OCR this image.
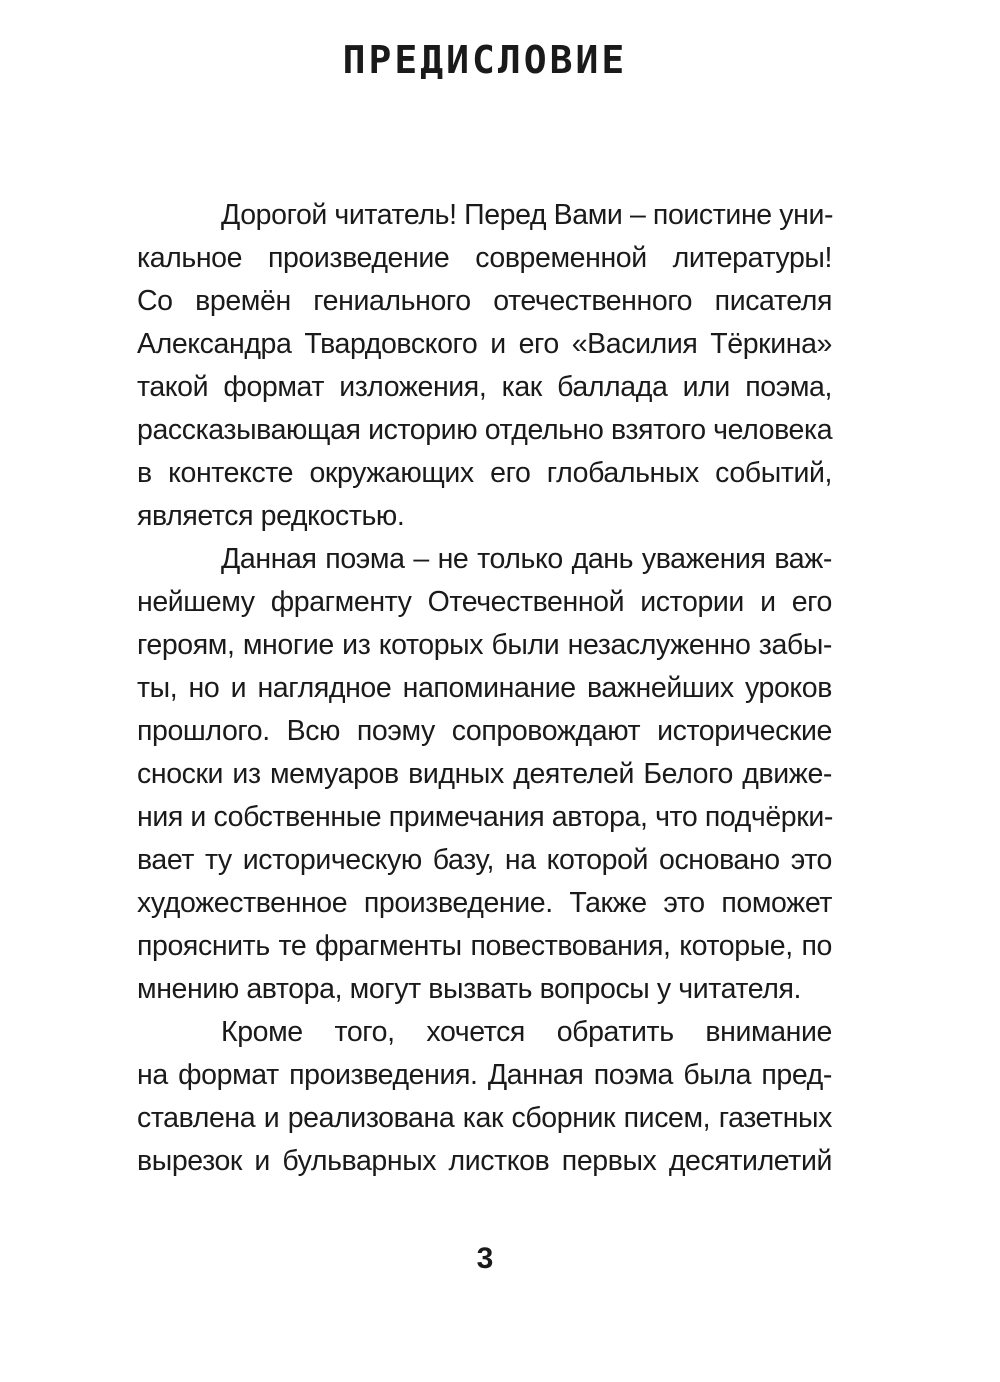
ПРЕДИСЛОВИЕ
Дорогой читатель! Перед Вами – поистине уни-
кальное произведение современной литературы!
Со времён гениального отечественного писателя
Александра Твардовского и его «Василия Тёркина»
такой формат изложения, как баллада или поэма,
рассказывающая историю отдельно взятого человека
в контексте окружающих его глобальных событий,
является редкостью.
Данная поэма – не только дань уважения важ-
нейшему фрагменту Отечественной истории и его
героям, многие из которых были незаслуженно забы-
ты, но и наглядное напоминание важнейших уроков
прошлого. Всю поэму сопровождают исторические
сноски из мемуаров видных деятелей Белого движе-
ния и собственные примечания автора, что подчёрки-
вает ту историческую базу, на которой основано это
художественное произведение. Также это поможет
прояснить те фрагменты повествования, которые, по
мнению автора, могут вызвать вопросы у читателя.
Кроме того, хочется обратить внимание
на формат произведения. Данная поэма была пред-
ставлена и реализована как сборник писем, газетных
вырезок и бульварных листков первых десятилетий
3
